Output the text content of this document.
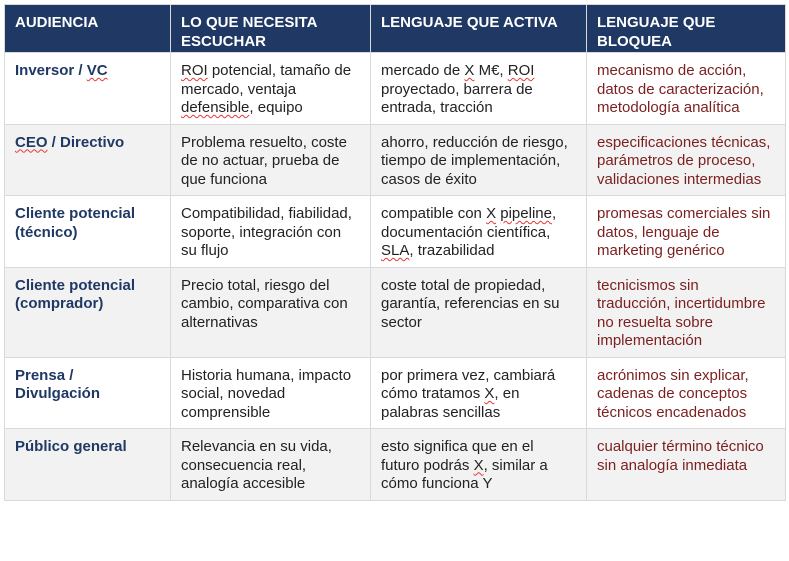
AUDIENCIA	LO QUE NECESITA ESCUCHAR	LENGUAJE QUE ACTIVA	LENGUAJE QUE BLOQUEA
Inversor / VC	ROI potencial, tamaño de mercado, ventaja defensible, equipo	mercado de X M€, ROI proyectado, barrera de entrada, tracción	mecanismo de acción, datos de caracterización, metodología analítica
CEO / Directivo	Problema resuelto, coste de no actuar, prueba de que funciona	ahorro, reducción de riesgo, tiempo de implementación, casos de éxito	especificaciones técnicas, parámetros de proceso, validaciones intermedias
Cliente potencial (técnico)	Compatibilidad, fiabilidad, soporte, integración con su flujo	compatible con X pipeline, documentación científica, SLA, trazabilidad	promesas comerciales sin datos, lenguaje de marketing genérico
Cliente potencial (comprador)	Precio total, riesgo del cambio, comparativa con alternativas	coste total de propiedad, garantía, referencias en su sector	tecnicismos sin traducción, incertidumbre no resuelta sobre implementación
Prensa / Divulgación	Historia humana, impacto social, novedad comprensible	por primera vez, cambiará cómo tratamos X, en palabras sencillas	acrónimos sin explicar, cadenas de conceptos técnicos encadenados
Público general	Relevancia en su vida, consecuencia real, analogía accesible	esto significa que en el futuro podrás X, similar a cómo funciona Y	cualquier término técnico sin analogía inmediata
